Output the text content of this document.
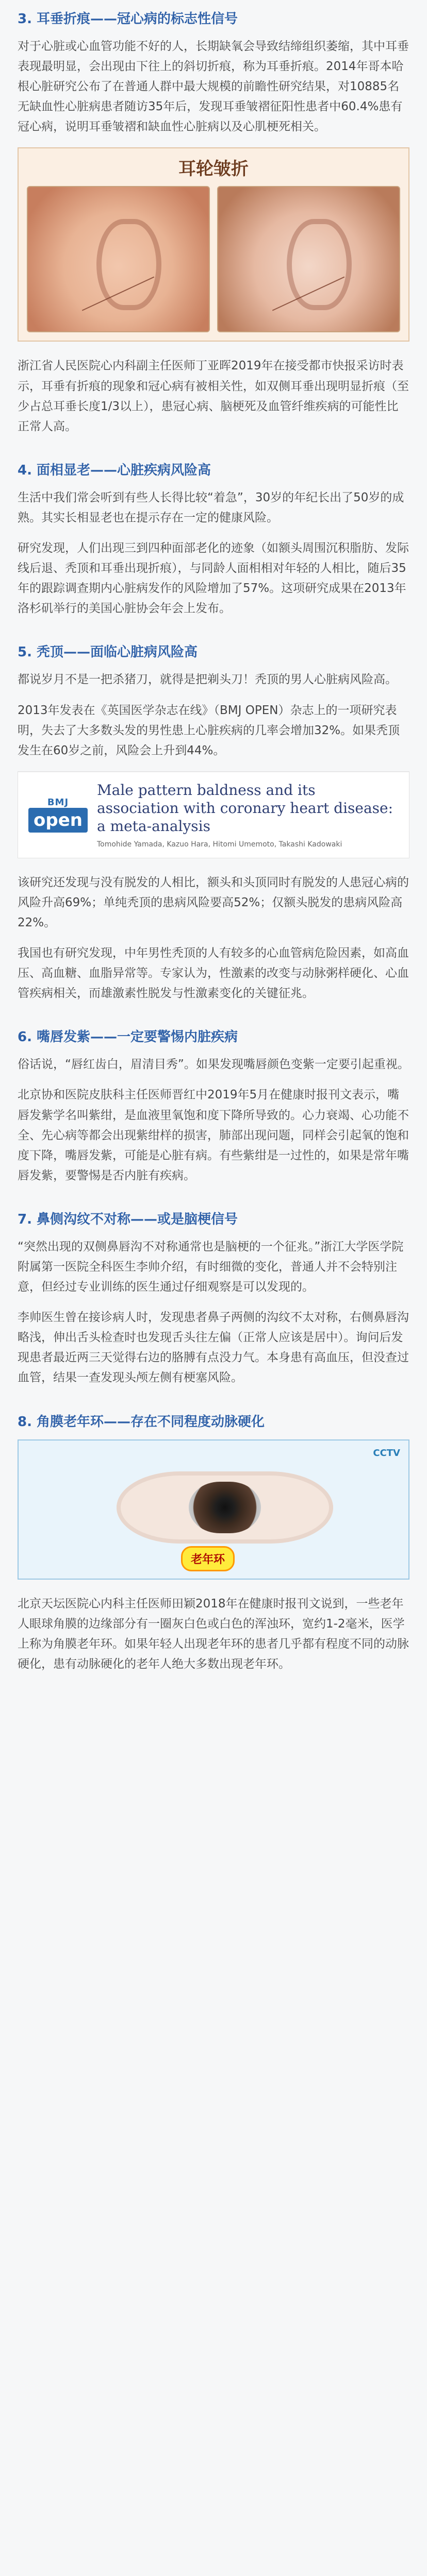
3. 耳垂折痕——冠心病的标志性信号

对于心脏或心血管功能不好的人，长期缺氧会导致结缔组织萎缩，其中耳垂表现最明显，会出现由下往上的斜切折痕，称为耳垂折痕。2014年哥本哈根心脏研究公布了在普通人群中最大规模的前瞻性研究结果，对10885名无缺血性心脏病患者随访35年后，发现耳垂皱褶征阳性患者中60.4%患有冠心病，说明耳垂皱褶和缺血性心脏病以及心肌梗死相关。

耳轮皱折

浙江省人民医院心内科副主任医师丁亚晖2019年在接受都市快报采访时表示，耳垂有折痕的现象和冠心病有被相关性，如双侧耳垂出现明显折痕（至少占总耳垂长度1/3以上），患冠心病、脑梗死及血管纤维疾病的可能性比正常人高。

4. 面相显老——心脏疾病风险高

生活中我们常会听到有些人长得比较“着急”，30岁的年纪长出了50岁的成熟。其实长相显老也在提示存在一定的健康风险。

研究发现，人们出现三到四种面部老化的迹象（如额头周围沉积脂肪、发际线后退、秃顶和耳垂出现折痕），与同龄人面相相对年轻的人相比，随后35年的跟踪调查期内心脏病发作的风险增加了57%。这项研究成果在2013年洛杉矶举行的美国心脏协会年会上发布。

5. 秃顶——面临心脏病风险高

都说岁月不是一把杀猪刀，就得是把剃头刀！秃顶的男人心脏病风险高。

2013年发表在《英国医学杂志在线》（BMJ OPEN）杂志上的一项研究表明，失去了大多数头发的男性患上心脏疾病的几率会增加32%。如果秃顶发生在60岁之前，风险会上升到44%。

BMJ
open
Male pattern baldness and its association with coronary heart disease: a meta-analysis
Tomohide Yamada, Kazuo Hara, Hitomi Umemoto, Takashi Kadowaki

该研究还发现与没有脱发的人相比，额头和头顶同时有脱发的人患冠心病的风险升高69%；单纯秃顶的患病风险要高52%；仅额头脱发的患病风险高22%。

我国也有研究发现，中年男性秃顶的人有较多的心血管病危险因素，如高血压、高血糖、血脂异常等。专家认为，性激素的改变与动脉粥样硬化、心血管疾病相关，而雄激素性脱发与性激素变化的关键征兆。

6. 嘴唇发紫——一定要警惕内脏疾病

俗话说，“唇红齿白，眉清目秀”。如果发现嘴唇颜色变紫一定要引起重视。

北京协和医院皮肤科主任医师晋红中2019年5月在健康时报刊文表示，嘴唇发紫学名叫紫绀，是血液里氧饱和度下降所导致的。心力衰竭、心功能不全、先心病等都会出现紫绀样的损害，肺部出现问题，同样会引起氧的饱和度下降，嘴唇发紫，可能是心脏有病。有些紫绀是一过性的，如果是常年嘴唇发紫，要警惕是否内脏有疾病。

7. 鼻侧沟纹不对称——或是脑梗信号

“突然出现的双侧鼻唇沟不对称通常也是脑梗的一个征兆。”浙江大学医学院附属第一医院全科医生李帅介绍，有时细微的变化，普通人并不会特别注意，但经过专业训练的医生通过仔细观察是可以发现的。

李帅医生曾在接诊病人时，发现患者鼻子两侧的沟纹不太对称，右侧鼻唇沟略浅，伸出舌头检查时也发现舌头往左偏（正常人应该是居中）。询问后发现患者最近两三天觉得右边的胳膊有点没力气。本身患有高血压，但没查过血管，结果一查发现头颅左侧有梗塞风险。

8. 角膜老年环——存在不同程度动脉硬化
CCTV
老年环

北京天坛医院心内科主任医师田颖2018年在健康时报刊文说到，一些老年人眼球角膜的边缘部分有一圈灰白色或白色的浑浊环，宽约1-2毫米，医学上称为角膜老年环。如果年轻人出现老年环的患者几乎都有程度不同的动脉硬化，患有动脉硬化的老年人绝大多数出现老年环。
